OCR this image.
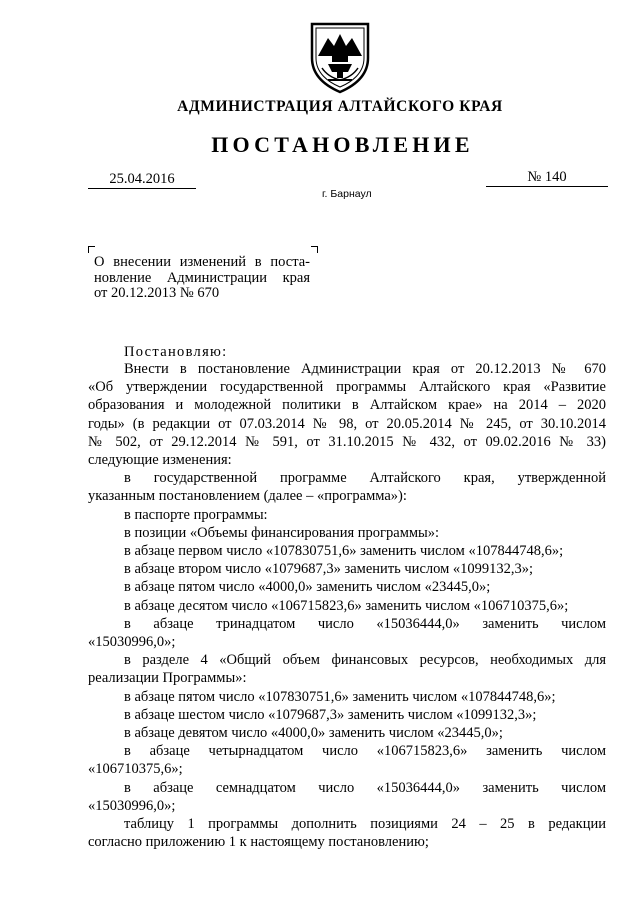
АДМИНИСТРАЦИЯ АЛТАЙСКОГО КРАЯ
ПОСТАНОВЛЕНИЕ
25.04.2016	№ 140
г. Барнаул
О внесении изменений в поста-
новление Администрации края
от 20.12.2013 № 670
Постановляю:
Внести в постановление Администрации края от 20.12.2013 № 670
«Об утверждении государственной программы Алтайского края «Развитие
образования и молодежной политики в Алтайском крае» на 2014 – 2020
годы» (в редакции от 07.03.2014 № 98, от 20.05.2014 № 245, от 30.10.2014
№ 502, от 29.12.2014 № 591, от 31.10.2015 № 432, от 09.02.2016 № 33)
следующие изменения:
в государственной программе Алтайского края, утвержденной
указанным постановлением (далее – «программа»):
в паспорте программы:
в позиции «Объемы финансирования программы»:
в абзаце первом число «107830751,6» заменить числом «107844748,6»;
в абзаце втором число «1079687,3» заменить числом «1099132,3»;
в абзаце пятом число «4000,0» заменить числом «23445,0»;
в абзаце десятом число «106715823,6» заменить числом «106710375,6»;
в абзаце тринадцатом число «15036444,0» заменить числом
«15030996,0»;
в разделе 4 «Общий объем финансовых ресурсов, необходимых для
реализации Программы»:
в абзаце пятом число «107830751,6» заменить числом «107844748,6»;
в абзаце шестом число «1079687,3» заменить числом «1099132,3»;
в абзаце девятом число «4000,0» заменить числом «23445,0»;
в абзаце четырнадцатом число «106715823,6» заменить числом
«106710375,6»;
в абзаце семнадцатом число «15036444,0» заменить числом
«15030996,0»;
таблицу 1 программы дополнить позициями 24 – 25 в редакции
согласно приложению 1 к настоящему постановлению;
